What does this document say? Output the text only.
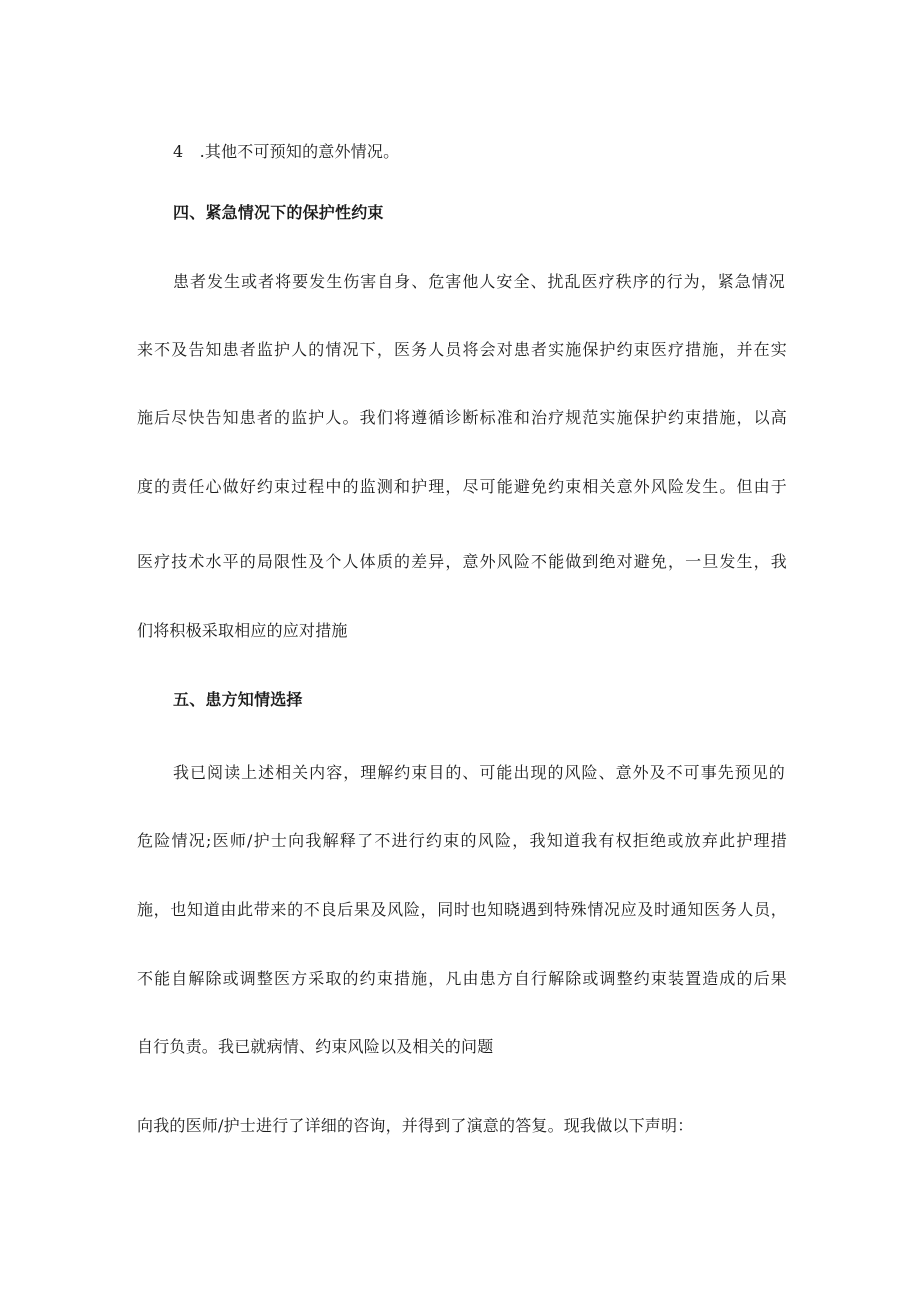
4　.其他不可预知的意外情况。

四、紧急情况下的保护性约束

患者发生或者将要发生伤害自身、危害他人安全、扰乱医疗秩序的行为，紧急情况

来不及告知患者监护人的情况下，医务人员将会对患者实施保护约束医疗措施，并在实

施后尽快告知患者的监护人。我们将遵循诊断标准和治疗规范实施保护约束措施，以高

度的责任心做好约束过程中的监测和护理，尽可能避免约束相关意外风险发生。但由于

医疗技术水平的局限性及个人体质的差异，意外风险不能做到绝对避免，一旦发生，我

们将积极采取相应的应对措施

五、患方知情选择

我已阅读上述相关内容，理解约束目的、可能出现的风险、意外及不可事先预见的

危险情况;医师/护士向我解释了不进行约束的风险，我知道我有权拒绝或放弃此护理措

施，也知道由此带来的不良后果及风险，同时也知晓遇到特殊情况应及时通知医务人员，

不能自解除或调整医方采取的约束措施，凡由患方自行解除或调整约束装置造成的后果

自行负责。我已就病情、约束风险以及相关的问题

向我的医师/护士进行了详细的咨询，并得到了演意的答复。现我做以下声明：
